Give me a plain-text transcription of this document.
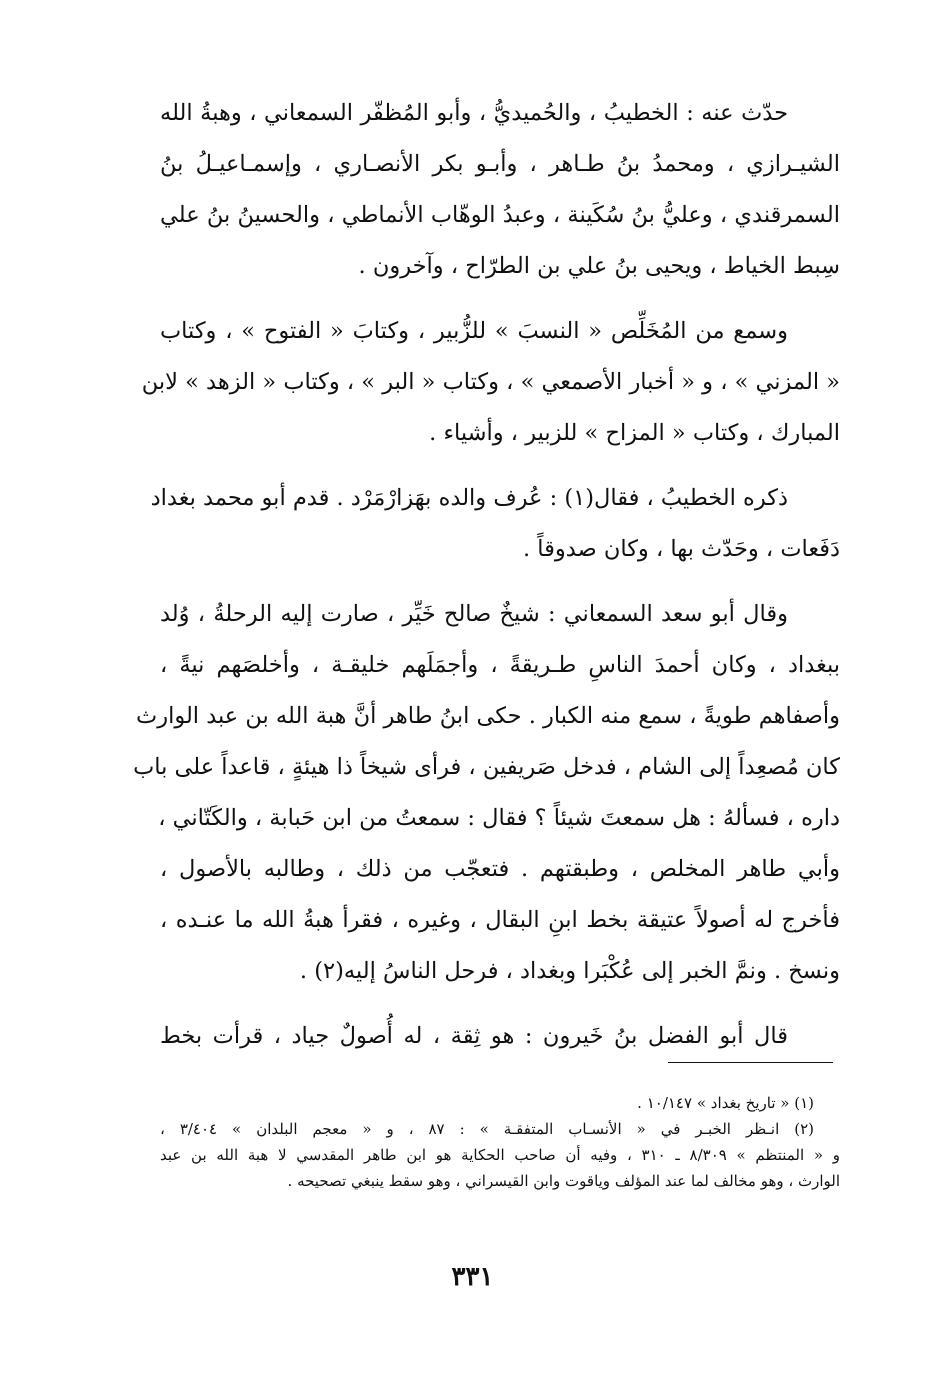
حدّث عنه : الخطيبُ ، والحُميديُّ ، وأبو المُظفّر السمعاني ، وهبةُ الله
الشيـرازي ، ومحمدُ بنُ طـاهر ، وأبـو بكر الأنصـاري ، وإسمـاعيـلُ بنُ
السمرقندي ، وعليُّ بنُ سُكَينة ، وعبدُ الوهّاب الأنماطي ، والحسينُ بنُ علي
سِبط الخياط ، ويحيى بنُ علي بن الطرّاح ، وآخرون .

وسمع من المُخَلِّص « النسبَ » للزُّبير ، وكتابَ « الفتوح » ، وكتاب
« المزني » ، و « أخبار الأصمعي » ، وكتاب « البر » ، وكتاب « الزهد » لابن
المبارك ، وكتاب « المزاح » للزبير ، وأشياء .

ذكره الخطيبُ ، فقال(١) : عُرف والده بهَزارْمَرْد . قدم أبو محمد بغداد
دَفَعات ، وحَدّث بها ، وكان صدوقاً .

وقال أبو سعد السمعاني : شيخٌ صالح خَيِّر ، صارت إليه الرحلةُ ، وُلد
ببغداد ، وكان أحمدَ الناسِ طـريقةً ، وأجمَلَهم خليقـة ، وأخلصَهم نيةً ،
وأصفاهم طويةً ، سمع منه الكبار . حكى ابنُ طاهر أنَّ هبة الله بن عبد الوارث
كان مُصعِداً إلى الشام ، فدخل صَريفين ، فرأى شيخاً ذا هيئةٍ ، قاعداً على باب
داره ، فسألهُ : هل سمعتَ شيئاً ؟ فقال : سمعتُ من ابن حَبابة ، والكَتّاني ،
وأبي طاهر المخلص ، وطبقتهم . فتعجّب من ذلك ، وطالبه بالأصول ،
فأخرج له أصولاً عتيقة بخط ابنِ البقال ، وغيره ، فقرأ هبةُ الله ما عنـده ،
ونسخ . ونمَّ الخبر إلى عُكْبَرا وبغداد ، فرحل الناسُ إليه(٢) .

قال أبو الفضل بنُ خَيرون : هو ثِقة ، له أُصولٌ جياد ، قرأت بخط

(١) « تاريخ بغداد » ١٠/١٤٧ .
(٢) انـظر الخبـر في « الأنسـاب المتفقـة » : ٨٧ ، و « معجم البلدان » ٣/٤٠٤ ،
و « المنتظم » ٨/٣٠٩ ـ ٣١٠ ، وفيه أن صاحب الحكاية هو ابن طاهر المقدسي لا هبة الله بن عبد
الوارث ، وهو مخالف لما عند المؤلف وياقوت وابن القيسراني ، وهو سقط ينبغي تصحيحه .
٣٣١
